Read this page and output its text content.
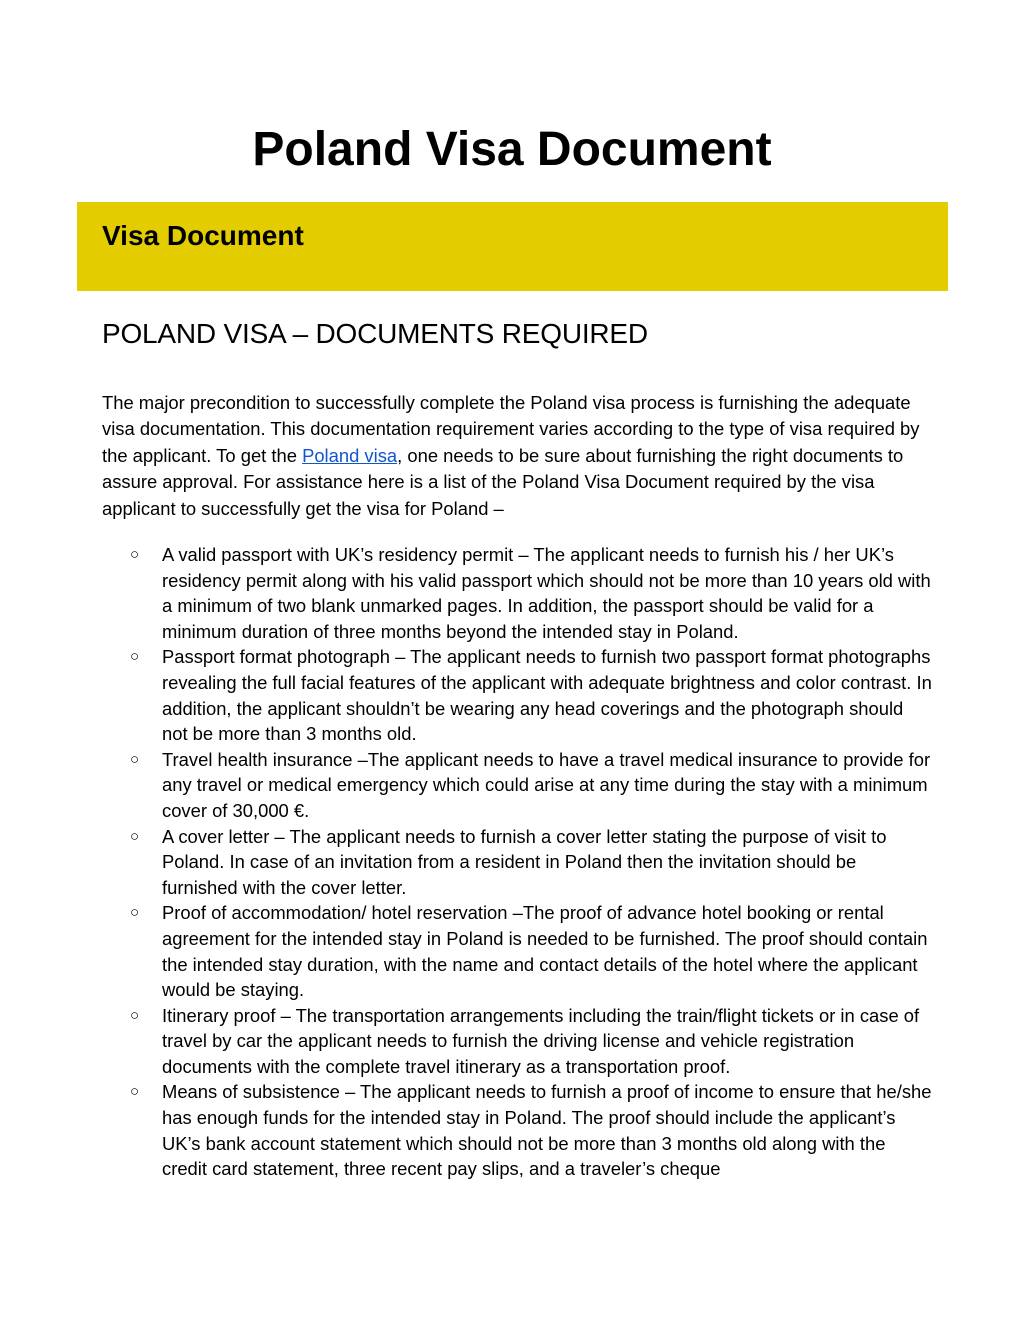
Poland Visa Document
Visa Document
POLAND VISA – DOCUMENTS REQUIRED

The major precondition to successfully complete the Poland visa process is furnishing the adequate visa documentation. This documentation requirement varies according to the type of visa required by the applicant. To get the Poland visa, one needs to be sure about furnishing the right documents to assure approval. For assistance here is a list of the Poland Visa Document required by the visa applicant to successfully get the visa for Poland –

○ A valid passport with UK’s residency permit – The applicant needs to furnish his / her UK’s residency permit along with his valid passport which should not be more than 10 years old with a minimum of two blank unmarked pages. In addition, the passport should be valid for a minimum duration of three months beyond the intended stay in Poland.
○ Passport format photograph – The applicant needs to furnish two passport format photographs revealing the full facial features of the applicant with adequate brightness and color contrast. In addition, the applicant shouldn’t be wearing any head coverings and the photograph should not be more than 3 months old.
○ Travel health insurance –The applicant needs to have a travel medical insurance to provide for any travel or medical emergency which could arise at any time during the stay with a minimum cover of 30,000 €.
○ A cover letter – The applicant needs to furnish a cover letter stating the purpose of visit to Poland. In case of an invitation from a resident in Poland then the invitation should be furnished with the cover letter.
○ Proof of accommodation/ hotel reservation –The proof of advance hotel booking or rental agreement for the intended stay in Poland is needed to be furnished. The proof should contain the intended stay duration, with the name and contact details of the hotel where the applicant would be staying.
○ Itinerary proof – The transportation arrangements including the train/flight tickets or in case of travel by car the applicant needs to furnish the driving license and vehicle registration documents with the complete travel itinerary as a transportation proof.
○ Means of subsistence – The applicant needs to furnish a proof of income to ensure that he/she has enough funds for the intended stay in Poland. The proof should include the applicant’s UK’s bank account statement which should not be more than 3 months old along with the credit card statement, three recent pay slips, and a traveler’s cheque
